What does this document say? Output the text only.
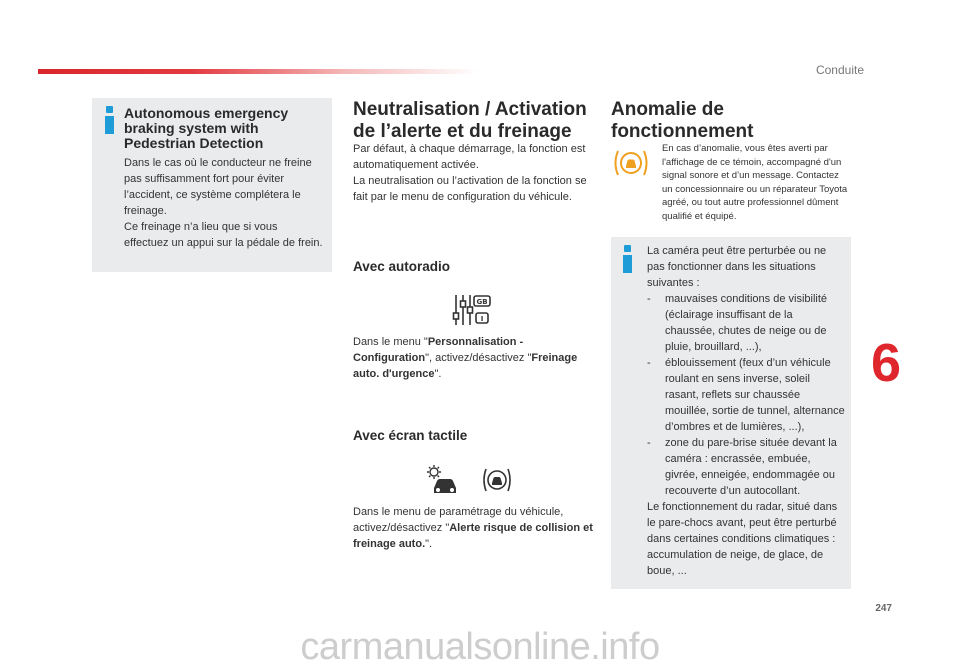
Conduite
Autonomous emergency braking system with Pedestrian Detection
Dans le cas où le conducteur ne freine pas suffisamment fort pour éviter l’accident, ce système complétera le freinage.
Ce freinage n’a lieu que si vous effectuez un appui sur la pédale de frein.
Neutralisation / Activation de l’alerte et du freinage
Par défaut, à chaque démarrage, la fonction est automatiquement activée.
La neutralisation ou l’activation de la fonction se fait par le menu de configuration du véhicule.
Avec autoradio
GB
I
Dans le menu "Personnalisation - Configuration", activez/désactivez "Freinage auto. d'urgence".
Avec écran tactile
Dans le menu de paramétrage du véhicule, activez/désactivez "Alerte risque de collision et freinage auto.".
Anomalie de fonctionnement
En cas d’anomalie, vous êtes averti par l'affichage de ce témoin, accompagné d'un signal sonore et d’un message. Contactez un concessionnaire ou un réparateur Toyota agréé, ou tout autre professionnel dûment qualifié et équipé.
La caméra peut être perturbée ou ne pas fonctionner dans les situations suivantes :
-	mauvaises conditions de visibilité (éclairage insuffisant de la chaussée, chutes de neige ou de pluie, brouillard, ...),
-	éblouissement (feux d’un véhicule roulant en sens inverse, soleil rasant, reflets sur chaussée mouillée, sortie de tunnel, alternance d’ombres et de lumières, ...),
-	zone du pare-brise située devant la caméra : encrassée, embuée, givrée, enneigée, endommagée ou recouverte d’un autocollant.
Le fonctionnement du radar, situé dans le pare-chocs avant, peut être perturbé dans certaines conditions climatiques : accumulation de neige, de glace, de boue, ...
6
247
carmanualsonline.info
